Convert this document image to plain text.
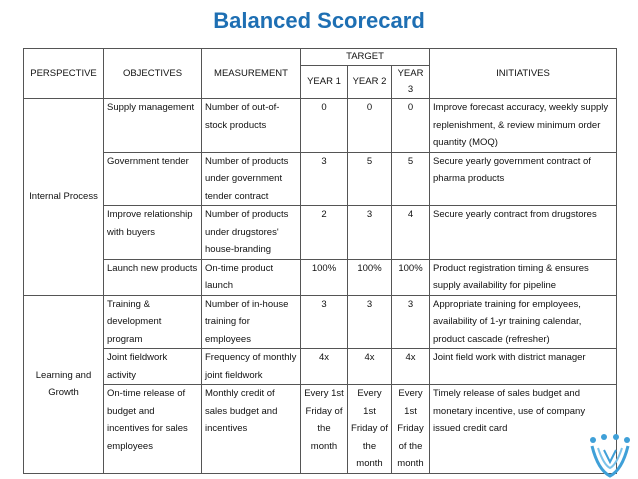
Balanced Scorecard
PERSPECTIVE	OBJECTIVES	MEASUREMENT	TARGET			INITIATIVES
			YEAR 1	YEAR 2	YEAR 3	
Internal Process	Supply management	Number of out-of-stock products	0	0	0	Improve forecast accuracy, weekly supply replenishment, & review minimum order quantity (MOQ)
	Government tender	Number of products under government tender contract	3	5	5	Secure yearly government contract of pharma products
	Improve relationship with buyers	Number of products under drugstores' house-branding	2	3	4	Secure yearly contract from drugstores
	Launch new products	On-time product launch	100%	100%	100%	Product registration timing & ensures supply availability for pipeline
Learning and Growth	Training & development program	Number of in-house training for employees	3	3	3	Appropriate training for employees, availability of 1-yr training calendar, product cascade (refresher)
	Joint fieldwork activity	Frequency of monthly joint fieldwork	4x	4x	4x	Joint field work with district manager
	On-time release of budget and incentives for sales employees	Monthly credit of sales budget and incentives	Every 1st Friday of the month	Every 1st Friday of the month	Every 1st Friday of the month	Timely release of sales budget and monetary incentive, use of company issued credit card
